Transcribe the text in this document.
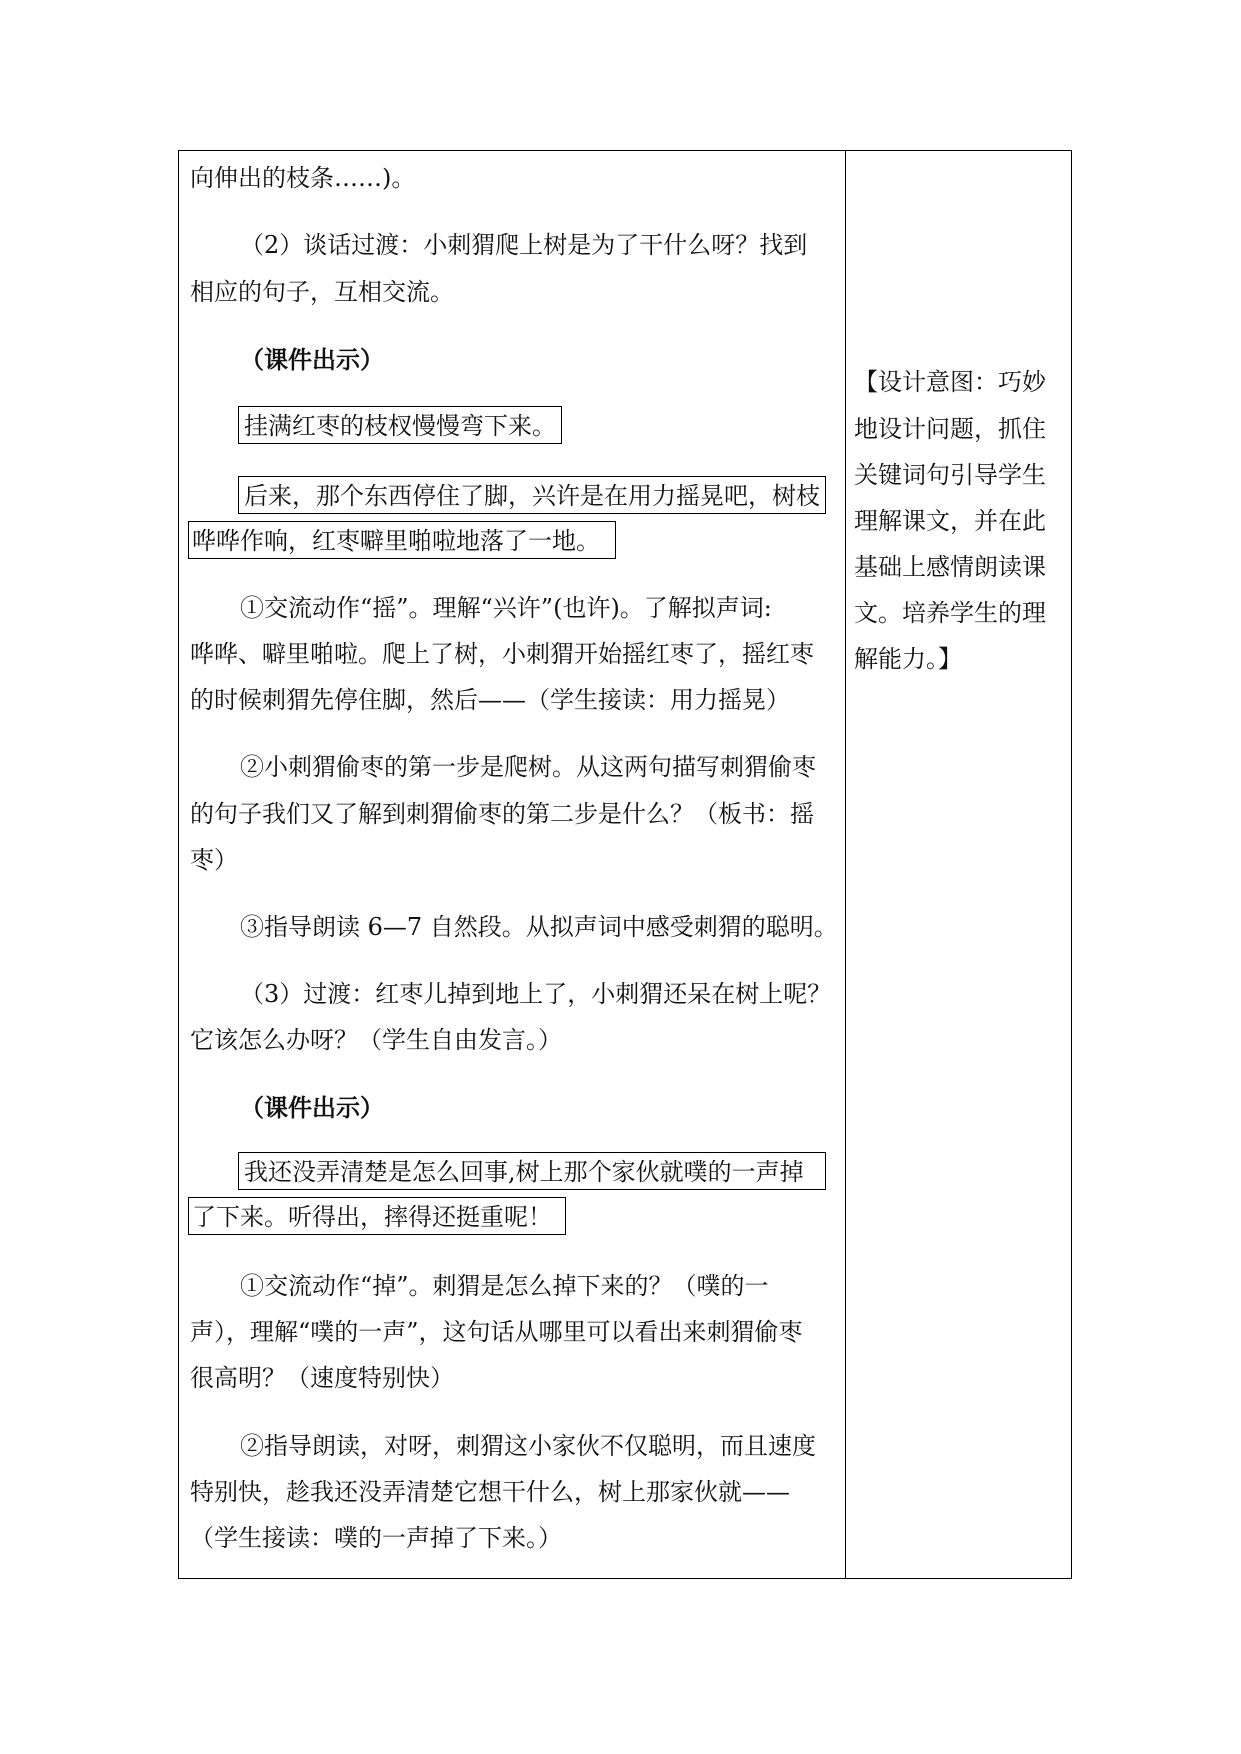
向伸出的枝条……)。
（2）谈话过渡：小刺猬爬上树是为了干什么呀？找到
相应的句子，互相交流。
（课件出示）
挂满红枣的枝杈慢慢弯下来。
后来，那个东西停住了脚，兴许是在用力摇晃吧，树枝
哗哗作响，红枣噼里啪啦地落了一地。
①交流动作“摇”。理解“兴许”(也许)。了解拟声词:
哗哗、噼里啪啦。爬上了树，小刺猬开始摇红枣了，摇红枣
的时候刺猬先停住脚，然后——（学生接读：用力摇晃）
②小刺猬偷枣的第一步是爬树。从这两句描写刺猬偷枣
的句子我们又了解到刺猬偷枣的第二步是什么？（板书：摇
枣）
③指导朗读 6—7 自然段。从拟声词中感受刺猬的聪明。
（3）过渡：红枣儿掉到地上了，小刺猬还呆在树上呢？
它该怎么办呀？（学生自由发言。）
（课件出示）
我还没弄清楚是怎么回事,树上那个家伙就噗的一声掉
了下来。听得出，摔得还挺重呢！
①交流动作“掉”。刺猬是怎么掉下来的？（噗的一
声），理解“噗的一声”，这句话从哪里可以看出来刺猬偷枣
很高明？（速度特别快）
②指导朗读，对呀，刺猬这小家伙不仅聪明，而且速度
特别快，趁我还没弄清楚它想干什么，树上那家伙就——
（学生接读：噗的一声掉了下来。）
【设计意图：巧妙
地设计问题，抓住
关键词句引导学生
理解课文，并在此
基础上感情朗读课
文。培养学生的理
解能力。】
